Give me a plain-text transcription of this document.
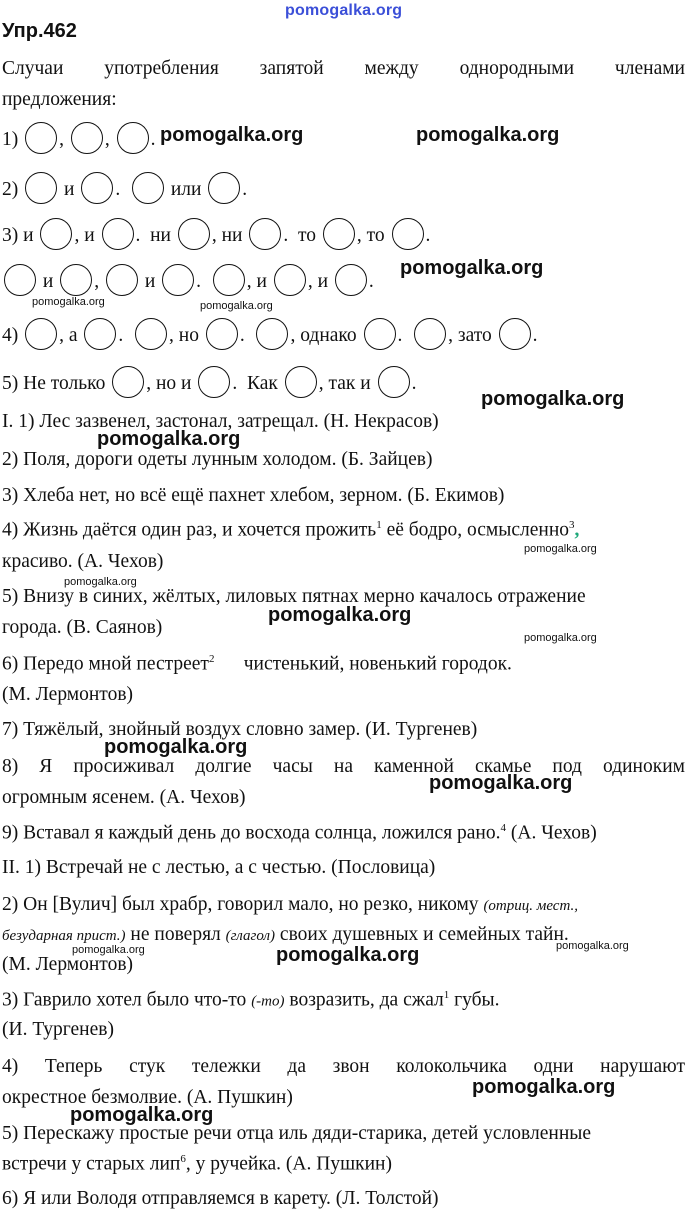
pomogalka.org
Упр.462
Случаи употребления запятой между однородными членами
предложения:
1) , , .
2) и .   или .
3) и , и .  ни , ни .  то , то .
и ,  и .  , и , и .
4) , а .  , но .  , однако .  , зато .
5) Не только , но и .  Как , так и .
I. 1) Лес зазвенел, застонал, затрещал. (Н. Некрасов)
2) Поля, дороги одеты лунным холодом. (Б. Зайцев)
3) Хлеба нет, но всё ещё пахнет хлебом, зерном. (Б. Екимов)
4) Жизнь даётся один раз, и хочется прожить$^1$ её бодро, осмысленно$^3$,
красиво. (А. Чехов)
5) Внизу в синих, жёлтых, лиловых пятнах мерно качалось отражение
города. (В. Саянов)
6) Передо мной пестреет$^2$ чистенький, новенький городок.
(М. Лермонтов)
7) Тяжёлый, знойный воздух словно замер. (И. Тургенев)
8) Я просиживал долгие часы на каменной скамье под одиноким
огромным ясенем. (А. Чехов)
9) Вставал я каждый день до восхода солнца, ложился рано.$^4$ (А. Чехов)
II. 1) Встречай не с лестью, а с честью. (Пословица)
2) Он [Вулич] был храбр, говорил мало, но резко, никому (отриц. мест.,
безударная прист.) не поверял (глагол) своих душевных и семейных тайн.
(М. Лермонтов)
3) Гаврило хотел было что-то (-то) возразить, да сжал$^1$ губы.
(И. Тургенев)
4) Теперь стук тележки да звон колокольчика одни нарушают
окрестное безмолвие. (А. Пушкин)
5) Перескажу простые речи отца иль дяди-старика, детей условленные
встречи у старых лип$^6$, у ручейка. (А. Пушкин)
6) Я или Володя отправляемся в карету. (Л. Толстой)
pomogalka.org	pomogalka.org
pomogalka.org
pomogalka.org	pomogalka.org
pomogalka.org
pomogalka.org
pomogalka.org
pomogalka.org
pomogalka.org
pomogalka.org
pomogalka.org
pomogalka.org
pomogalka.org	pomogalka.org	pomogalka.org
pomogalka.org
pomogalka.org
